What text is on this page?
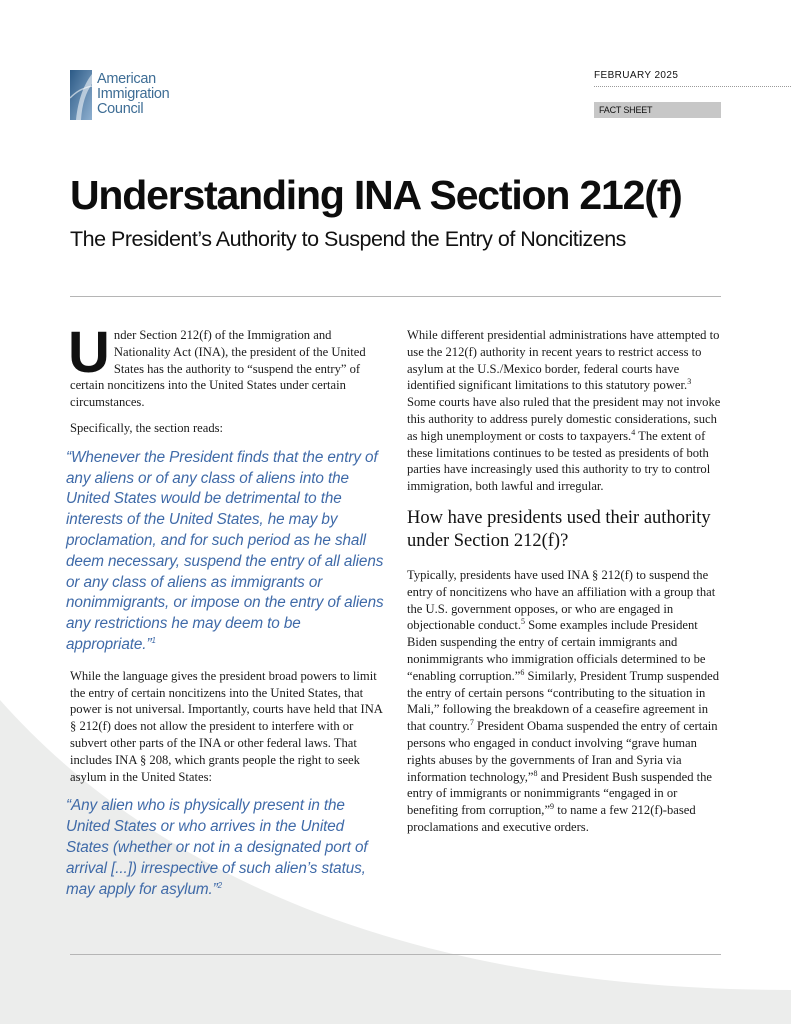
American
Immigration
Council
FEBRUARY 2025
FACT SHEET
Understanding INA Section 212(f)
The President’s Authority to Suspend the Entry of Noncitizens

Under Section 212(f) of the Immigration and Nationality Act (INA), the president of the United States has the authority to “suspend the entry” of certain noncitizens into the United States under certain circumstances.

Specifically, the section reads:

“Whenever the President finds that the entry of any aliens or of any class of aliens into the United States would be detrimental to the interests of the United States, he may by proclamation, and for such period as he shall deem necessary, suspend the entry of all aliens or any class of aliens as immigrants or nonimmigrants, or impose on the entry of aliens any restrictions he may deem to be appropriate.”$^1$

While the language gives the president broad powers to limit the entry of certain noncitizens into the United States, that power is not universal. Importantly, courts have held that INA § 212(f) does not allow the president to interfere with or subvert other parts of the INA or other federal laws. That includes INA § 208, which grants people the right to seek asylum in the United States:

“Any alien who is physically present in the United States or who arrives in the United States (whether or not in a designated port of arrival [...]) irrespective of such alien’s status, may apply for asylum.”$^2$

While different presidential administrations have attempted to use the 212(f) authority in recent years to restrict access to asylum at the U.S./Mexico border, federal courts have identified significant limitations to this statutory power.$^3$ Some courts have also ruled that the president may not invoke this authority to address purely domestic considerations, such as high unemployment or costs to taxpayers.$^4$ The extent of these limitations continues to be tested as presidents of both parties have increasingly used this authority to try to control immigration, both lawful and irregular.

How have presidents used their authority under Section 212(f)?

Typically, presidents have used INA § 212(f) to suspend the entry of noncitizens who have an affiliation with a group that the U.S. government opposes, or who are engaged in objectionable conduct.$^5$ Some examples include President Biden suspending the entry of certain immigrants and nonimmigrants who immigration officials determined to be “enabling corruption.”$^6$ Similarly, President Trump suspended the entry of certain persons “contributing to the situation in Mali,” following the breakdown of a ceasefire agreement in that country.$^7$ President Obama suspended the entry of certain persons who engaged in conduct involving “grave human rights abuses by the governments of Iran and Syria via information technology,”$^8$ and President Bush suspended the entry of immigrants or nonimmigrants “engaged in or benefiting from corruption,”$^9$ to name a few 212(f)-based proclamations and executive orders.
